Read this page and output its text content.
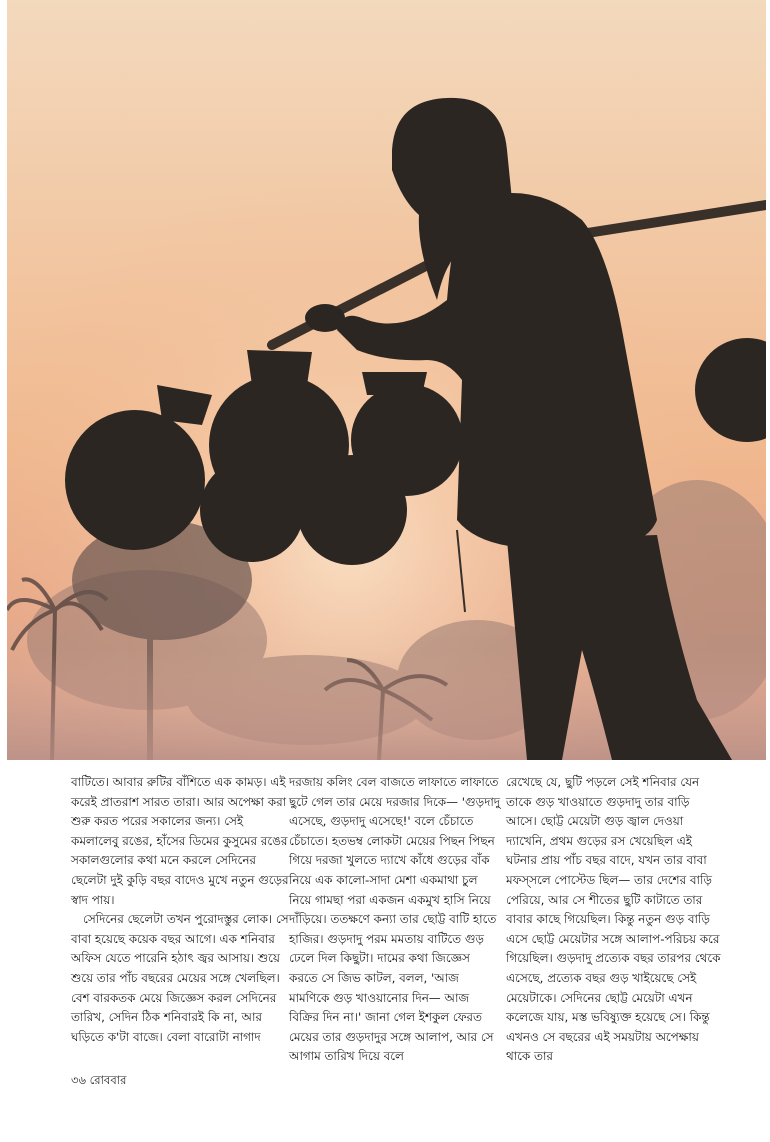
বাটিতে। আবার রুটির বাঁশিতে এক কামড়। এই করেই প্রাতরাশ সারত তারা। আর অপেক্ষা করা শুরু করত পরের সকালের জন্য। সেই কমলালেবু রঙের, হাঁসের ডিমের কুসুমের রঙের সকালগুলোর কথা মনে করলে সেদিনের ছেলেটা দুই কুড়ি বছর বাদেও মুখে নতুন গুড়ের স্বাদ পায়।

সেদিনের ছেলেটা তখন পুরোদস্তুর লোক। সে বাবা হয়েছে কয়েক বছর আগে। এক শনিবার অফিস যেতে পারেনি হঠাৎ জ্বর আসায়। শুয়ে শুয়ে তার পাঁচ বছরের মেয়ের সঙ্গে খেলছিল। বেশ বারকতক মেয়ে জিজ্ঞেস করল সেদিনের তারিখ, সেদিন ঠিক শনিবারই কি না, আর ঘড়িতে ক'টা বাজে। বেলা বারোটা নাগাদ

দরজায় কলিং বেল বাজতে লাফাতে লাফাতে ছুটে গেল তার মেয়ে দরজার দিকে— 'গুড়দাদু এসেছে, গুড়দাদু এসেছে!' বলে চেঁচাতে চেঁচাতে। হতভম্ব লোকটা মেয়ের পিছন পিছন গিয়ে দরজা খুলতে দ্যাখে কাঁধে গুড়ের বাঁক নিয়ে এক কালো-সাদা মেশা একমাথা চুল নিয়ে গামছা পরা একজন একমুখ হাসি নিয়ে দাঁড়িয়ে। ততক্ষণে কন্যা তার ছোট্ট বাটি হাতে হাজির। গুড়দাদু পরম মমতায় বাটিতে গুড় ঢেলে দিল কিছুটা। দামের কথা জিজ্ঞেস করতে সে জিভ কাটল, বলল, 'আজ মামণিকে গুড় খাওয়ানোর দিন— আজ বিক্রির দিন না।' জানা গেল ইশকুল ফেরত মেয়ের তার গুড়দাদুর সঙ্গে আলাপ, আর সে আগাম তারিখ দিয়ে বলে

রেখেছে যে, ছুটি পড়লে সেই শনিবার যেন তাকে গুড় খাওয়াতে গুড়দাদু তার বাড়ি আসে। ছোট্ট মেয়েটা গুড় জ্বাল দেওয়া দ্যাখেনি, প্রথম গুড়ের রস খেয়েছিল এই ঘটনার প্রায় পাঁচ বছর বাদে, যখন তার বাবা মফস্সলে পোস্টেড ছিল— তার দেশের বাড়ি পেরিয়ে, আর সে শীতের ছুটি কাটাতে তার বাবার কাছে গিয়েছিল। কিন্তু নতুন গুড় বাড়ি এসে ছোট্ট মেয়েটার সঙ্গে আলাপ-পরিচয় করে গিয়েছিল। গুড়দাদু প্রত্যেক বছর তারপর থেকে এসেছে, প্রত্যেক বছর গুড় খাইয়েছে সেই মেয়েটাকে। সেদিনের ছোট্ট মেয়েটা এখন কলেজে যায়, মস্ত ভবিষ্যুক্ত হয়েছে সে। কিন্তু এখনও সে বছরের এই সময়টায় অপেক্ষায় থাকে তার

৩৬ রোববার
